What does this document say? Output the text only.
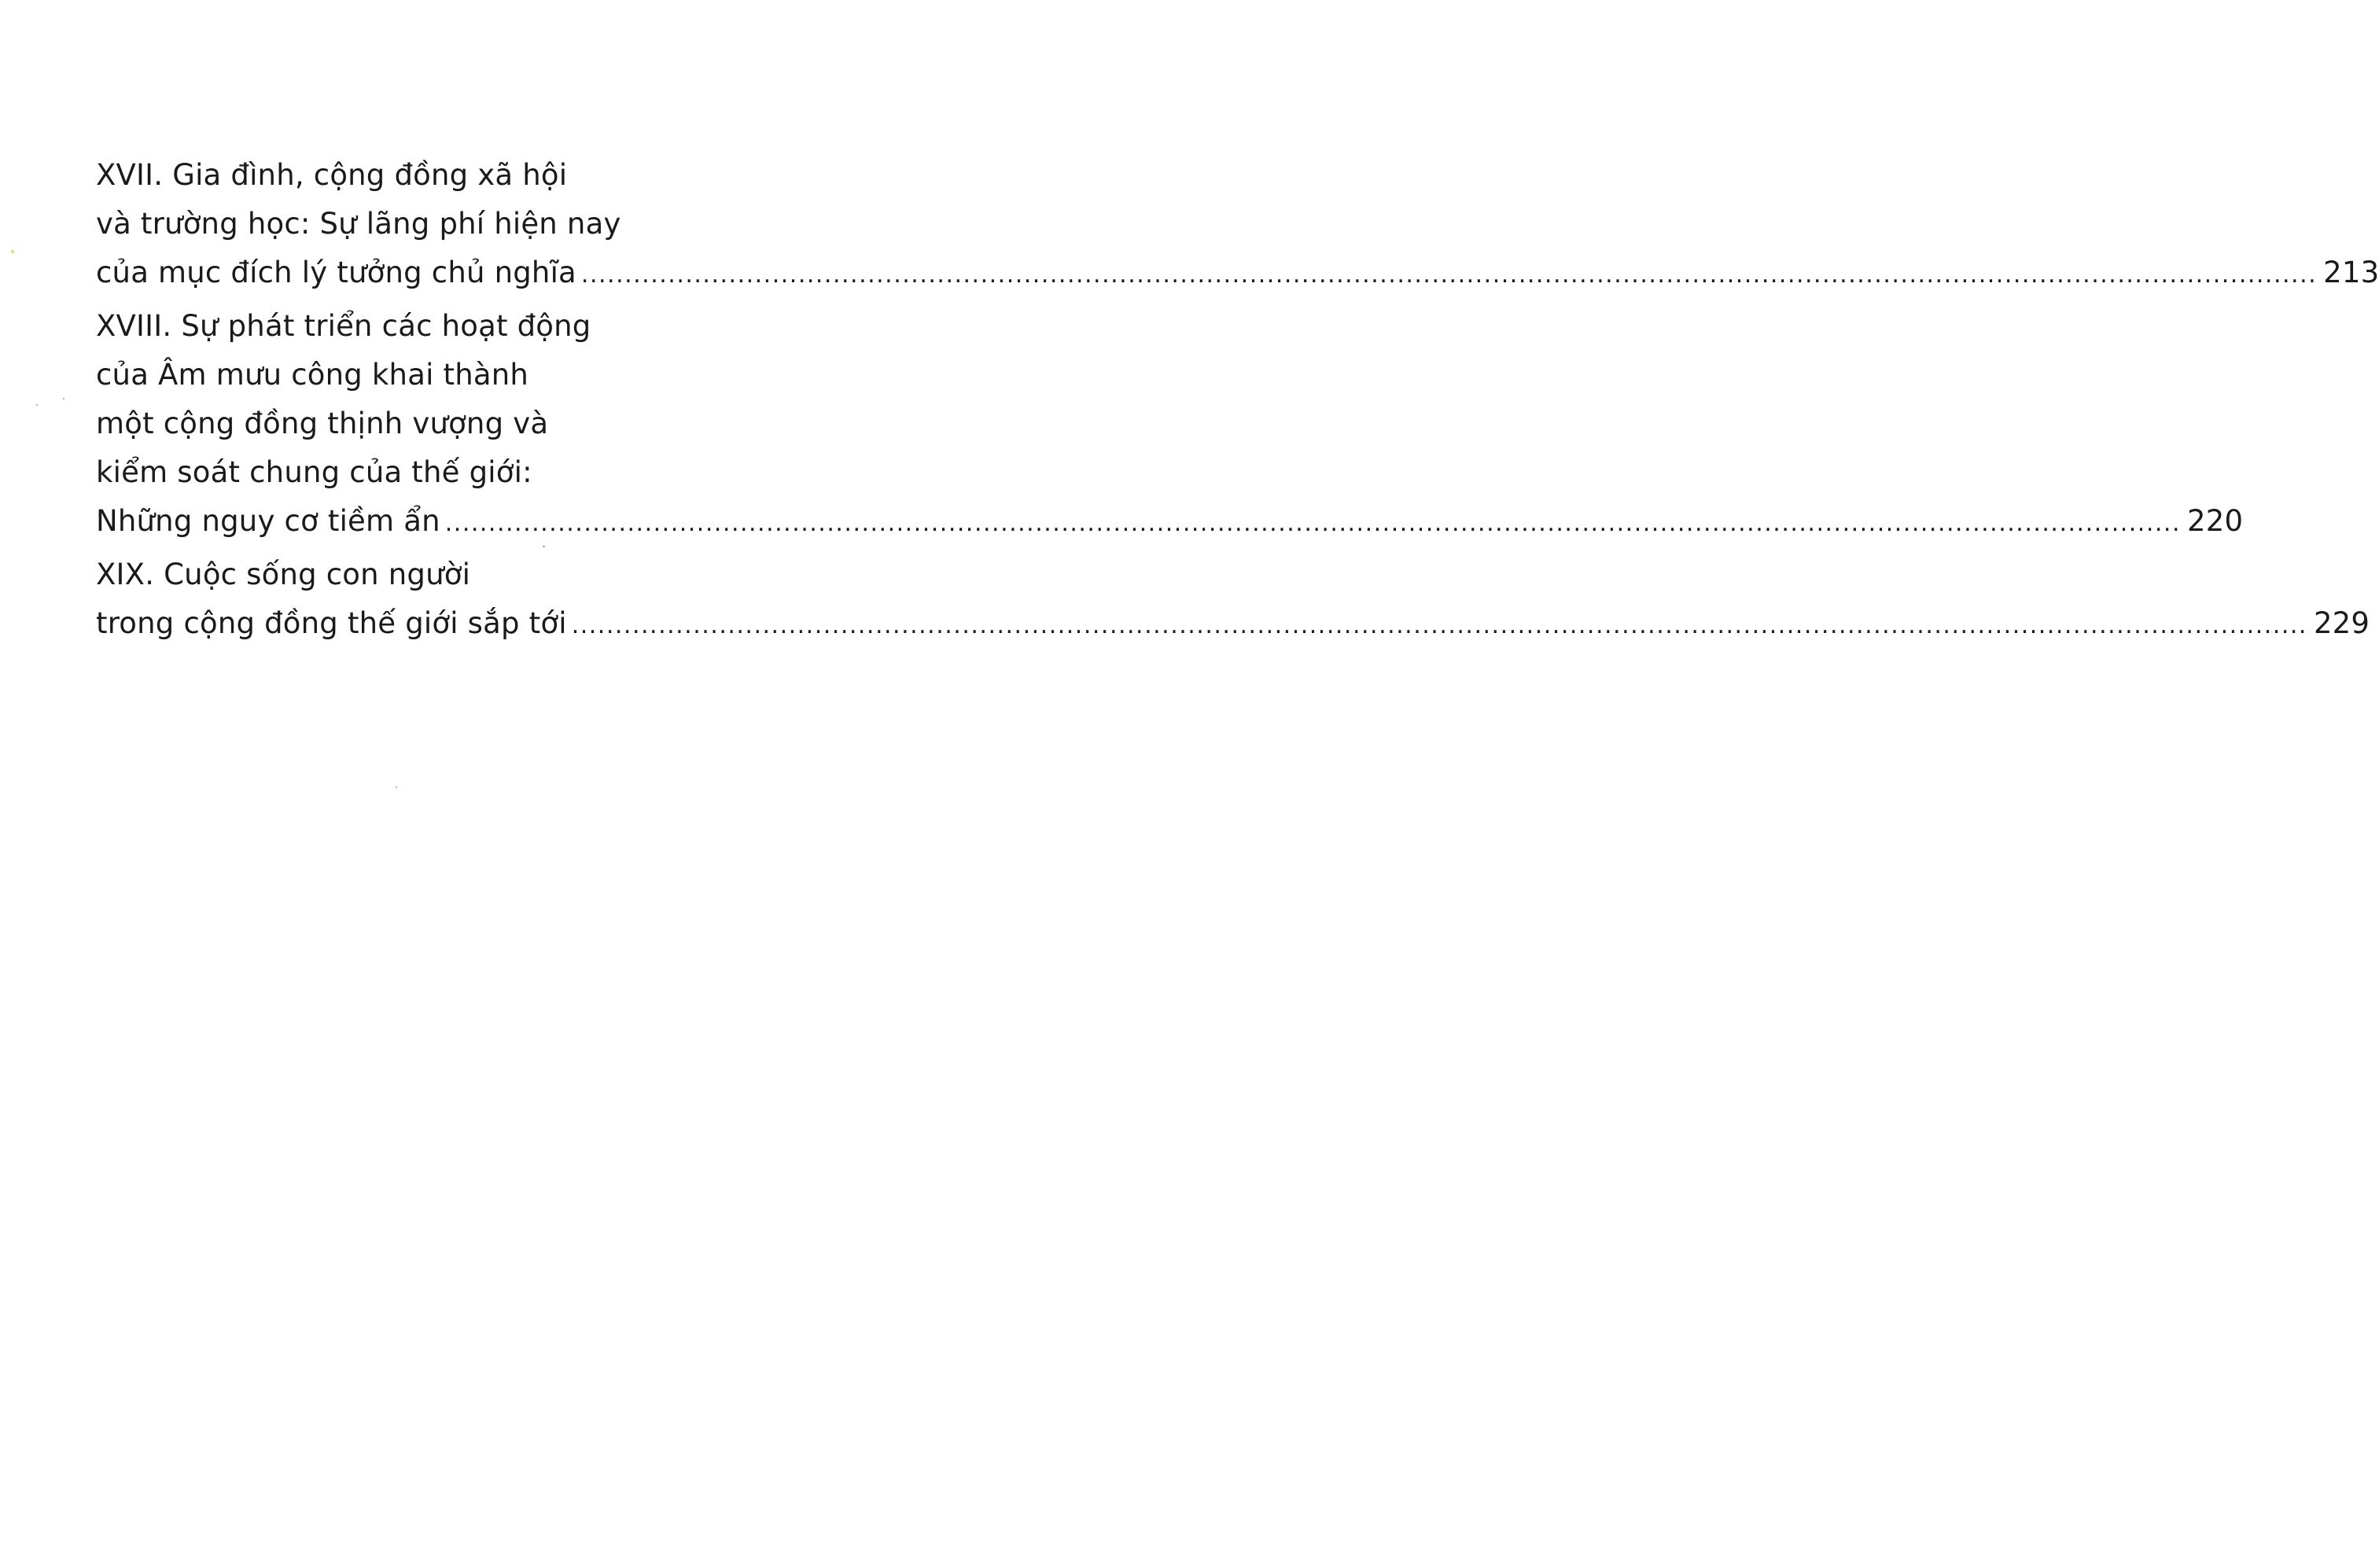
XVII. Gia đình, cộng đồng xã hội
và trường học: Sự lãng phí hiện nay
của mục đích lý tưởng chủ nghĩa ........................................................................................................................................................................................................ 213
XVIII. Sự phát triển các hoạt động
của Âm mưu công khai thành
một cộng đồng thịnh vượng và
kiểm soát chung của thế giới:
Những nguy cơ tiềm ẩn ........................................................................................................................................................................................................ 220
XIX. Cuộc sống con người
trong cộng đồng thế giới sắp tới ........................................................................................................................................................................................................ 229
